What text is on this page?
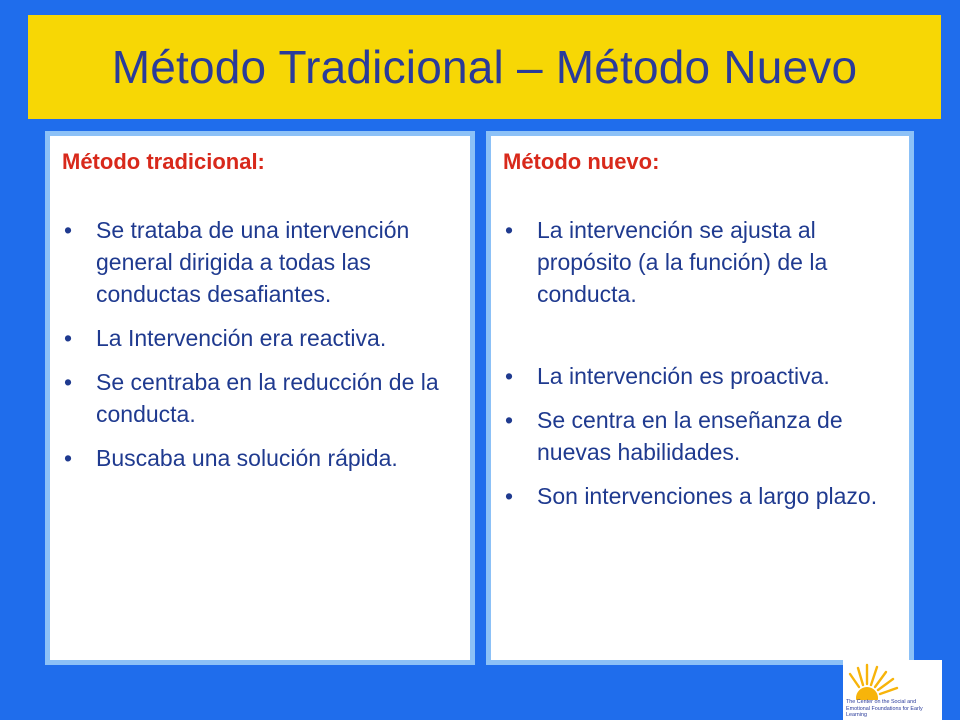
Método Tradicional – Método Nuevo
Método tradicional:
• Se trataba de una intervención general dirigida a todas las conductas desafiantes.
• La Intervención era reactiva.
• Se centraba en la reducción de la conducta.
• Buscaba una solución rápida.
Método nuevo:
• La intervención se ajusta al propósito (a la función) de la conducta.
• La intervención es proactiva.
• Se centra en la enseñanza de nuevas habilidades.
• Son intervenciones a largo plazo.
The Center on the Social and Emotional Foundations for Early Learning
